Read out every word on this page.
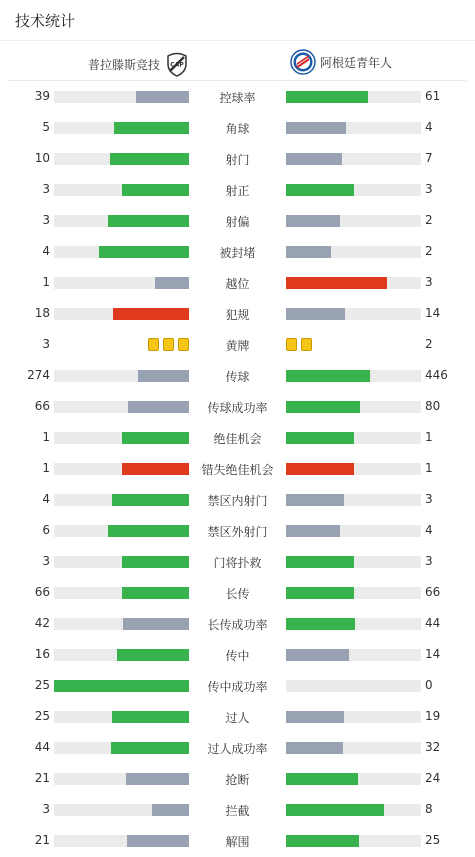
技术统计
普拉滕斯竞技 CAP	阿根廷青年人
39	控球率	61
5	角球	4
10	射门	7
3	射正	3
3	射偏	2
4	被封堵	2
1	越位	3
18	犯规	14
3	黄牌	2
274	传球	446
66	传球成功率	80
1	绝佳机会	1
1	错失绝佳机会	1
4	禁区内射门	3
6	禁区外射门	4
3	门将扑救	3
66	长传	66
42	长传成功率	44
16	传中	14
25	传中成功率	0
25	过人	19
44	过人成功率	32
21	抢断	24
3	拦截	8
21	解围	25
